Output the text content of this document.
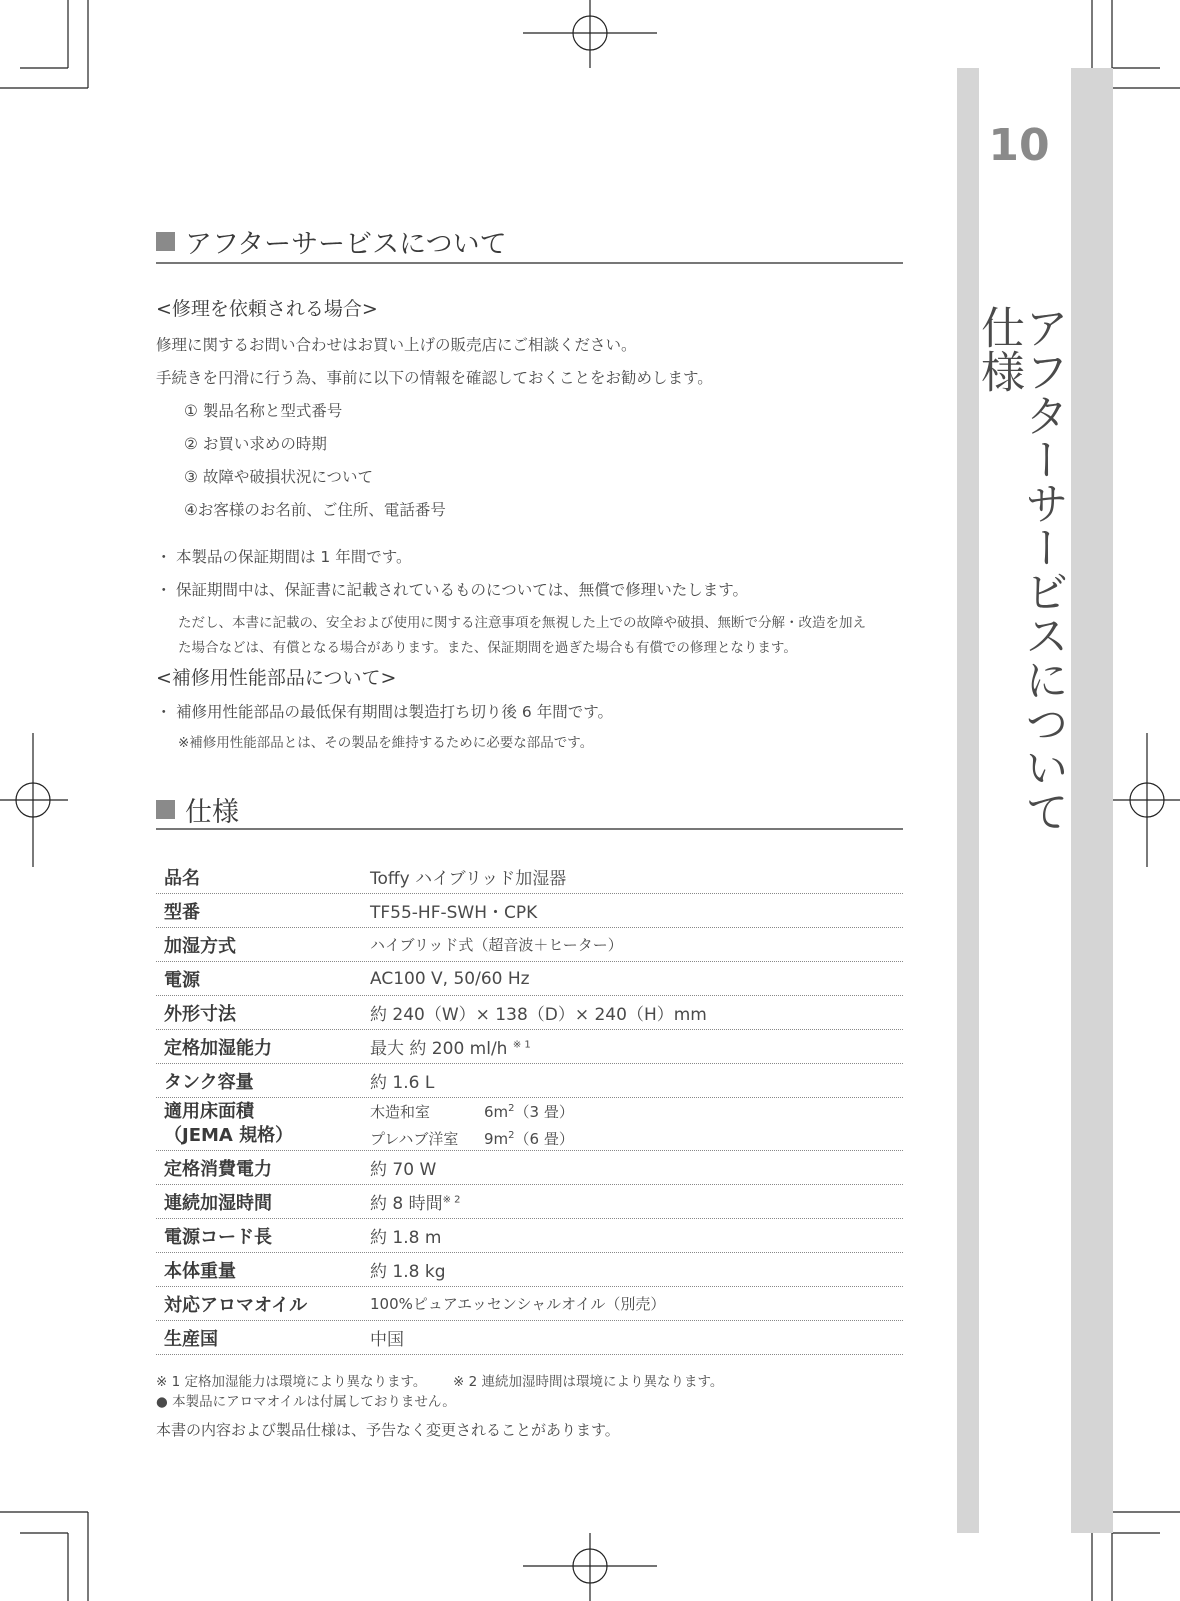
10
アフターサービスについて
仕様
アフターサービスについて
<修理を依頼される場合>
修理に関するお問い合わせはお買い上げの販売店にご相談ください。
手続きを円滑に行う為、事前に以下の情報を確認しておくことをお勧めします。
① 製品名称と型式番号
② お買い求めの時期
③ 故障や破損状況について
④お客様のお名前、ご住所、電話番号
・ 本製品の保証期間は 1 年間です。
・ 保証期間中は、保証書に記載されているものについては、無償で修理いたします。
ただし、本書に記載の、安全および使用に関する注意事項を無視した上での故障や破損、無断で分解・改造を加え
た場合などは、有償となる場合があります。また、保証期間を過ぎた場合も有償での修理となります。
<補修用性能部品について>
・ 補修用性能部品の最低保有期間は製造打ち切り後 6 年間です。
※補修用性能部品とは、その製品を維持するために必要な部品です。
仕様
品名	Toffy ハイブリッド加湿器
型番	TF55-HF-SWH・CPK
加湿方式	ハイブリッド式（超音波＋ヒーター）
電源	AC100 V, 50/60 Hz
外形寸法	約 240（W）× 138（D）× 240（H）mm
定格加湿能力	最大 約 200 ml/h $^{※ 1}$
タンク容量	約 1.6 L
適用床面積
（JEMA 規格）
木造和室	$6m^2(3$ 畳）
プレハブ洋室 $9m^2(6$ 畳）
定格消費電力	約 70 W
連続加湿時間	約 8 時間$^{※ 2}$
電源コード長	約 1.8 m
本体重量	約 1.8 kg
対応アロマオイル	100%ピュアエッセンシャルオイル（別売）
生産国	中国
※ 1 定格加湿能力は環境により異なります。 ※ 2 連続加湿時間は環境により異なります。
● 本製品にアロマオイルは付属しておりません。
本書の内容および製品仕様は、予告なく変更されることがあります。
